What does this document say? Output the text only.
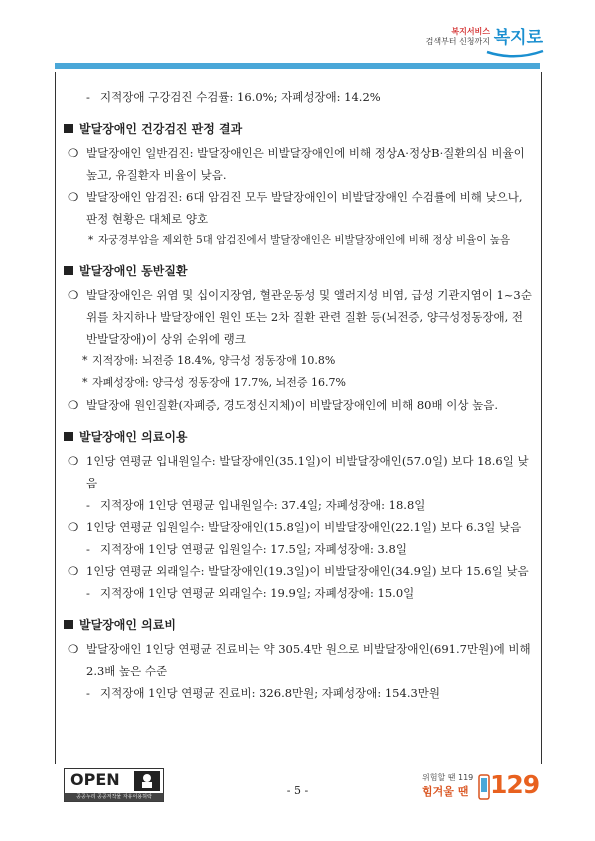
복지서비스
검색부터 신청까지 복지로
- 지적장애 구강검진 수검률: 16.0%; 자폐성장애: 14.2%
발달장애인 건강검진 판정 결과
❍ 발달장애인 일반검진: 발달장애인은 비발달장애인에 비해 정상A·정상B·질환의심 비율이 높고, 유질환자 비율이 낮음.
❍ 발달장애인 암검진: 6대 암검진 모두 발달장애인이 비발달장애인 수검률에 비해 낮으나, 판정 현황은 대체로 양호
* 자궁경부암을 제외한 5대 암검진에서 발달장애인은 비발달장애인에 비해 정상 비율이 높음
발달장애인 동반질환
❍ 발달장애인은 위염 및 십이지장염, 혈관운동성 및 앨러지성 비염, 급성 기관지염이 1~3순위를 차지하나 발달장애인 원인 또는 2차 질환 관련 질환 등(뇌전증, 양극성정동장애, 전반발달장애)이 상위 순위에 랭크
* 지적장애: 뇌전증 18.4%, 양극성 정동장애 10.8%
* 자폐성장애: 양극성 정동장애 17.7%, 뇌전증 16.7%
❍ 발달장애 원인질환(자폐증, 경도정신지체)이 비발달장애인에 비해 80배 이상 높음.
발달장애인 의료이용
❍ 1인당 연평균 입내원일수: 발달장애인(35.1일)이 비발달장애인(57.0일) 보다 18.6일 낮음
- 지적장애 1인당 연평균 입내원일수: 37.4일; 자폐성장애: 18.8일
❍ 1인당 연평균 입원일수: 발달장애인(15.8일)이 비발달장애인(22.1일) 보다 6.3일 낮음
- 지적장애 1인당 연평균 입원일수: 17.5일; 자폐성장애: 3.8일
❍ 1인당 연평균 외래일수: 발달장애인(19.3일)이 비발달장애인(34.9일) 보다 15.6일 낮음
- 지적장애 1인당 연평균 외래일수: 19.9일; 자폐성장애: 15.0일
발달장애인 의료비
❍ 발달장애인 1인당 연평균 진료비는 약 305.4만 원으로 비발달장애인(691.7만원)에 비해 2.3배 높은 수준
- 지적장애 1인당 연평균 진료비: 326.8만원; 자폐성장애: 154.3만원
OPEN
공공누리 공공저작물 자유이용허락	- 5 -
위험할 땐 119
힘겨울 땐 129
